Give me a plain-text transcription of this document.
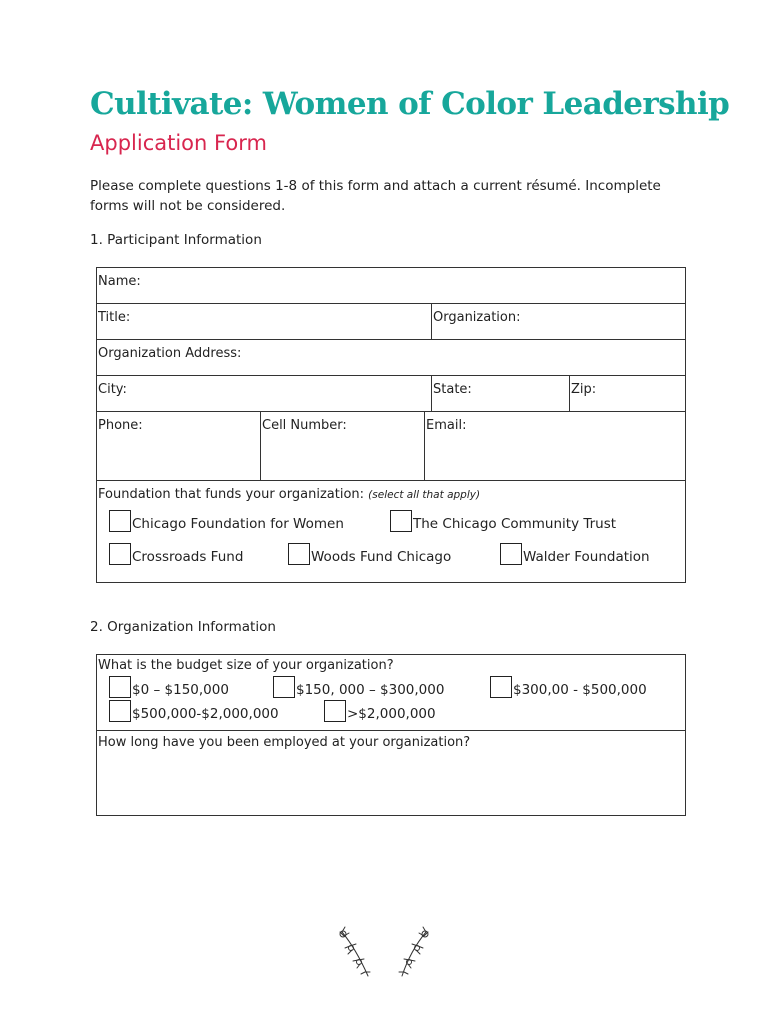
Cultivate: Women of Color Leadership
Application Form
Please complete questions 1-8 of this form and attach a current résumé. Incomplete forms will not be considered.
1. Participant Information
Name:
Title:	Organization:
Organization Address:
City:	State:	Zip:
Phone:	Cell Number:	Email:
Foundation that funds your organization: (select all that apply)
Chicago Foundation for Women	The Chicago Community Trust
Crossroads Fund	Woods Fund Chicago	Walder Foundation
2. Organization Information
What is the budget size of your organization?
$0 – $150,000	$150, 000 – $300,000	$300,00 - $500,000
$500,000-$2,000,000	>$2,000,000
How long have you been employed at your organization?
